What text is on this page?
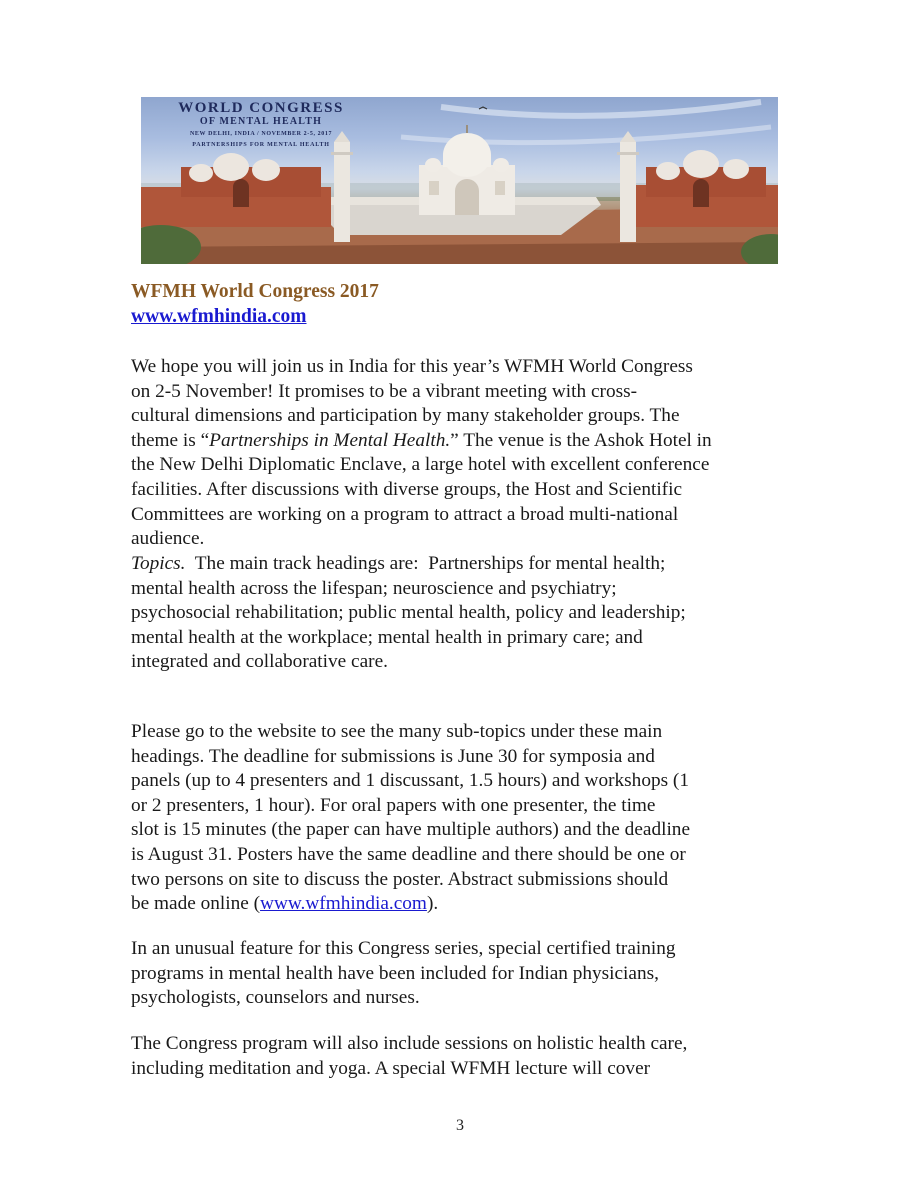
WORLD CONGRESS
OF MENTAL HEALTH
NEW DELHI, INDIA / NOVEMBER 2-5, 2017
PARTNERSHIPS FOR MENTAL HEALTH
WFMH World Congress 2017
www.wfmhindia.com

We hope you will join us in India for this year’s WFMH World Congress

on 2-5 November! It promises to be a vibrant meeting with cross-

cultural dimensions and participation by many stakeholder groups. The

theme is “Partnerships in Mental Health.” The venue is the Ashok Hotel in

the New Delhi Diplomatic Enclave, a large hotel with excellent conference

facilities. After discussions with diverse groups, the Host and Scientific

Committees are working on a program to attract a broad multi-national

audience.

Topics.  The main track headings are:  Partnerships for mental health;

mental health across the lifespan; neuroscience and psychiatry;

psychosocial rehabilitation; public mental health, policy and leadership;

mental health at the workplace; mental health in primary care; and

integrated and collaborative care.

Please go to the website to see the many sub-topics under these main

headings. The deadline for submissions is June 30 for symposia and

panels (up to 4 presenters and 1 discussant, 1.5 hours) and workshops (1

or 2 presenters, 1 hour). For oral papers with one presenter, the time

slot is 15 minutes (the paper can have multiple authors) and the deadline

is August 31. Posters have the same deadline and there should be one or

two persons on site to discuss the poster. Abstract submissions should

be made online (www.wfmhindia.com).

In an unusual feature for this Congress series, special certified training

programs in mental health have been included for Indian physicians,

psychologists, counselors and nurses.

The Congress program will also include sessions on holistic health care,

including meditation and yoga. A special WFMH lecture will cover

3
